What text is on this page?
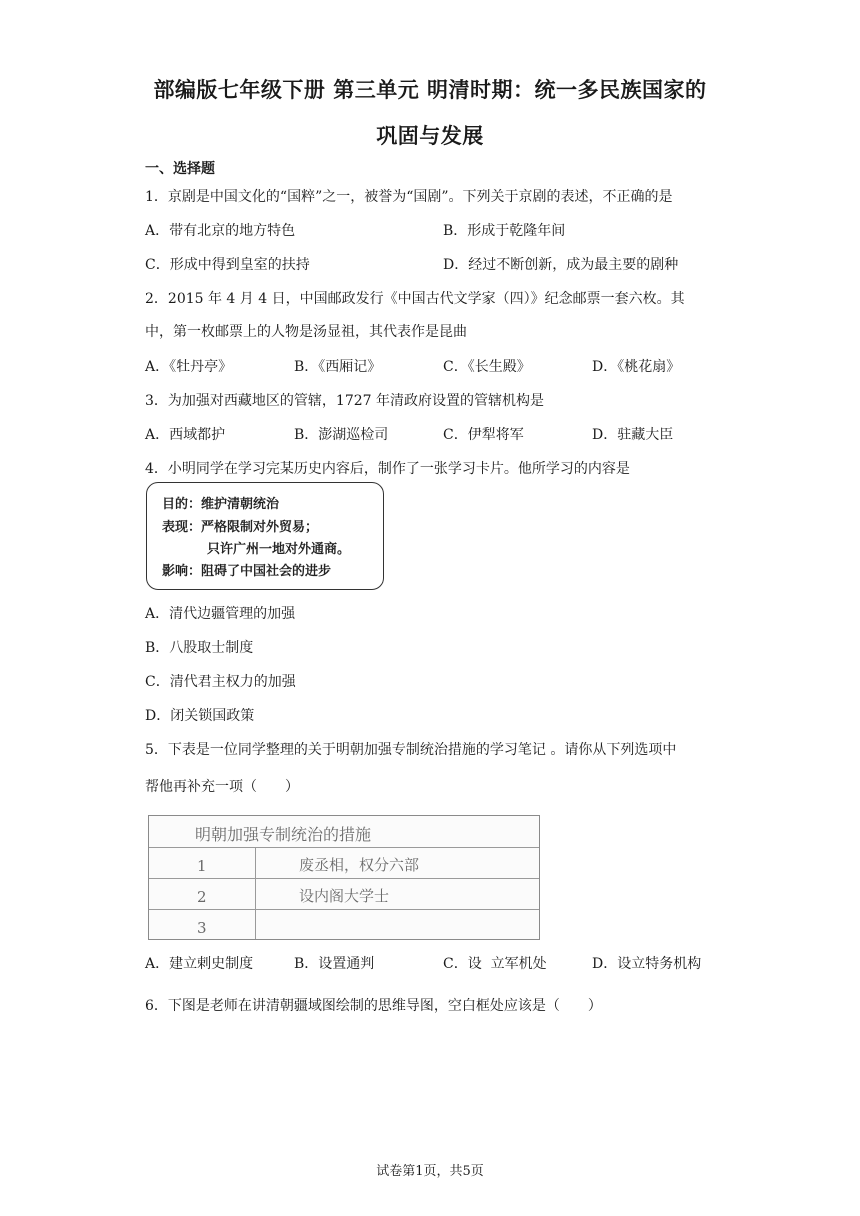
部编版七年级下册 第三单元 明清时期：统一多民族国家的
巩固与发展
一、选择题
1．京剧是中国文化的“国粹”之一，被誉为“国剧”。下列关于京剧的表述，不正确的是
A．带有北京的地方特色	B．形成于乾隆年间
C．形成中得到皇室的扶持	D．经过不断创新，成为最主要的剧种
2．2015 年 4 月 4 日，中国邮政发行《中国古代文学家（四）》纪念邮票一套六枚。其
中，第一枚邮票上的人物是汤显祖，其代表作是昆曲
A．《牡丹亭》	B．《西厢记》	C．《长生殿》	D．《桃花扇》
3．为加强对西藏地区的管辖，1727 年清政府设置的管辖机构是
A．西域都护	B．澎湖巡检司	C．伊犁将军	D．驻藏大臣
4．小明同学在学习完某历史内容后，制作了一张学习卡片。他所学习的内容是
目的：维护清朝统治
表现：严格限制对外贸易；
只许广州一地对外通商。
影响：阻碍了中国社会的进步
A．清代边疆管理的加强
B．八股取士制度
C．清代君主权力的加强
D．闭关锁国政策
5．下表是一位同学整理的关于明朝加强专制统治措施的学习笔记 。请你从下列选项中
帮他再补充一项（　　）
明朝加强专制统治的措施
1	废丞相，权分六部
2	设内阁大学士
3
A．建立剌史制度	B．设置通判	C．设  立军机处	D．设立特务机构
6．下图是老师在讲清朝疆域图绘制的思维导图，空白框处应该是（　　）
试卷第1页，共5页
